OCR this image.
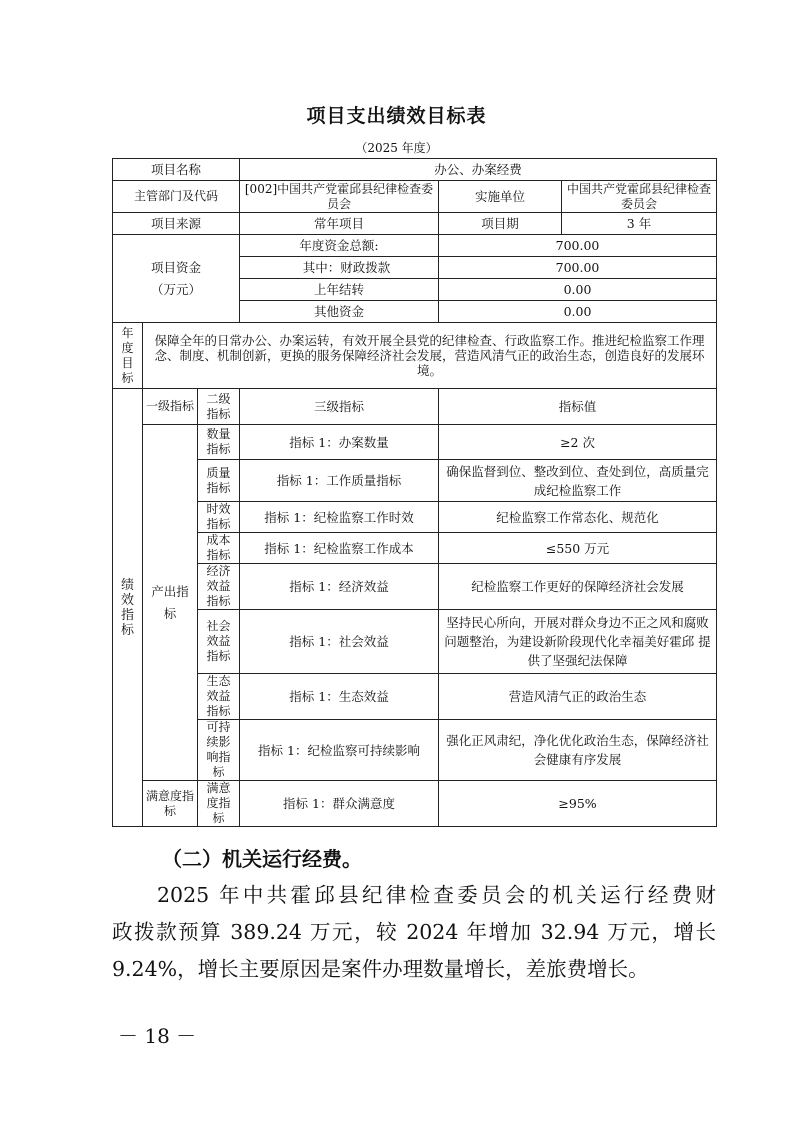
项目支出绩效目标表
（2025 年度）
项目名称			办公、办案经费		
主管部门及代码			[002]中国共产党霍邱县纪律检查委员会	实施单位	中国共产党霍邱县纪律检查委员会
项目来源			常年项目	项目期	3 年
项目资金
（万元）			年度资金总额:	700.00	
			其中：财政拨款	700.00	
			上年结转	0.00	
			其他资金	0.00	
年度目标	保障全年的日常办公、办案运转，有效开展全县党的纪律检查、行政监察工作。推进纪检监察工作理念、制度、机制创新，更换的服务保障经济社会发展，营造风清气正的政治生态，创造良好的发展环境。				
绩效指标	一级指标	二级指标	三级指标	指标值	
	产出指标	数量指标	指标 1：办案数量	≥2 次	
		质量指标	指标 1：工作质量指标	确保监督到位、整改到位、查处到位，高质量完成纪检监察工作	
		时效指标	指标 1：纪检监察工作时效	纪检监察工作常态化、规范化	
		成本指标	指标 1：纪检监察工作成本	≤550 万元	
		经济效益指标	指标 1：经济效益	纪检监察工作更好的保障经济社会发展	
		社会效益指标	指标 1：社会效益	坚持民心所向，开展对群众身边不正之风和腐败问题整治，为建设新阶段现代化幸福美好霍邱 提供了坚强纪法保障	
		生态效益指标	指标 1：生态效益	营造风清气正的政治生态	
		可持续影响指标	指标 1：纪检监察可持续影响	强化正风肃纪，净化优化政治生态，保障经济社会健康有序发展	
	满意度指标	满意度指标	指标 1：群众满意度	≥95%	
（二）机关运行经费。
2025 年中共霍邱县纪律检查委员会的机关运行经费财
政拨款预算 389.24 万元，较 2024 年增加 32.94 万元，增长
9.24%，增长主要原因是案件办理数量增长，差旅费增长。
－ 18 －
